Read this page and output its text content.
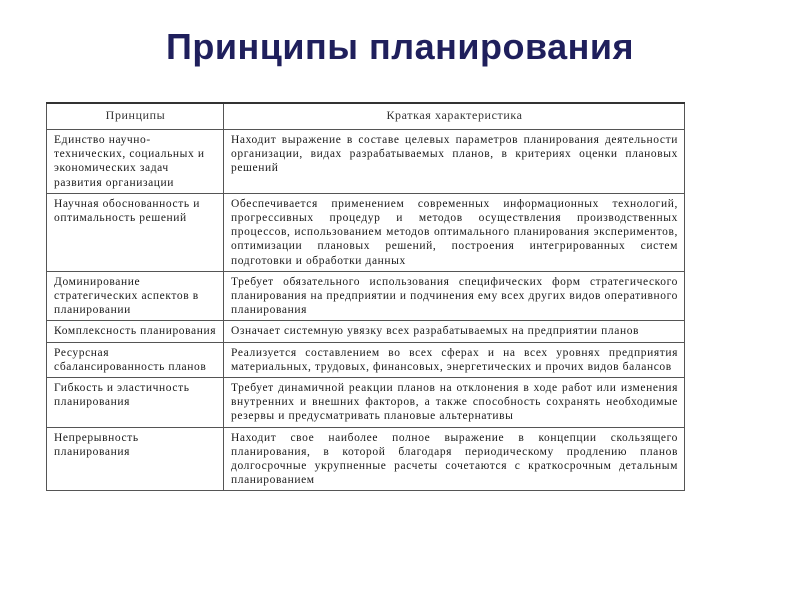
Принципы планирования
Принципы	Краткая характеристика
Единство научно-технических, социальных и экономических задач развития организации	Находит выражение в составе целевых параметров планирования деятельности организации, видах разрабатываемых планов, в критериях оценки плановых решений
Научная обоснованность и оптимальность решений	Обеспечивается применением современных информационных технологий, прогрессивных процедур и методов осуществления производственных процессов, использованием методов оптимального планирования экспериментов, оптимизации плановых решений, построения интегрированных систем подготовки и обработки данных
Доминирование стратегических аспектов в планировании	Требует обязательного использования специфических форм стратегического планирования на предприятии и подчинения ему всех других видов оперативного планирования
Комплексность планирования	Означает системную увязку всех разрабатываемых на предприятии планов
Ресурсная сбалансированность планов	Реализуется составлением во всех сферах и на всех уровнях предприятия материальных, трудовых, финансовых, энергетических и прочих видов балансов
Гибкость и эластичность планирования	Требует динамичной реакции планов на отклонения в ходе работ или изменения внутренних и внешних факторов, а также способность сохранять необходимые резервы и предусматривать плановые альтернативы
Непрерывность планирования	Находит свое наиболее полное выражение в концепции скользящего планирования, в которой благодаря периодическому продлению планов долгосрочные укрупненные расчеты сочетаются с краткосрочным детальным планированием
